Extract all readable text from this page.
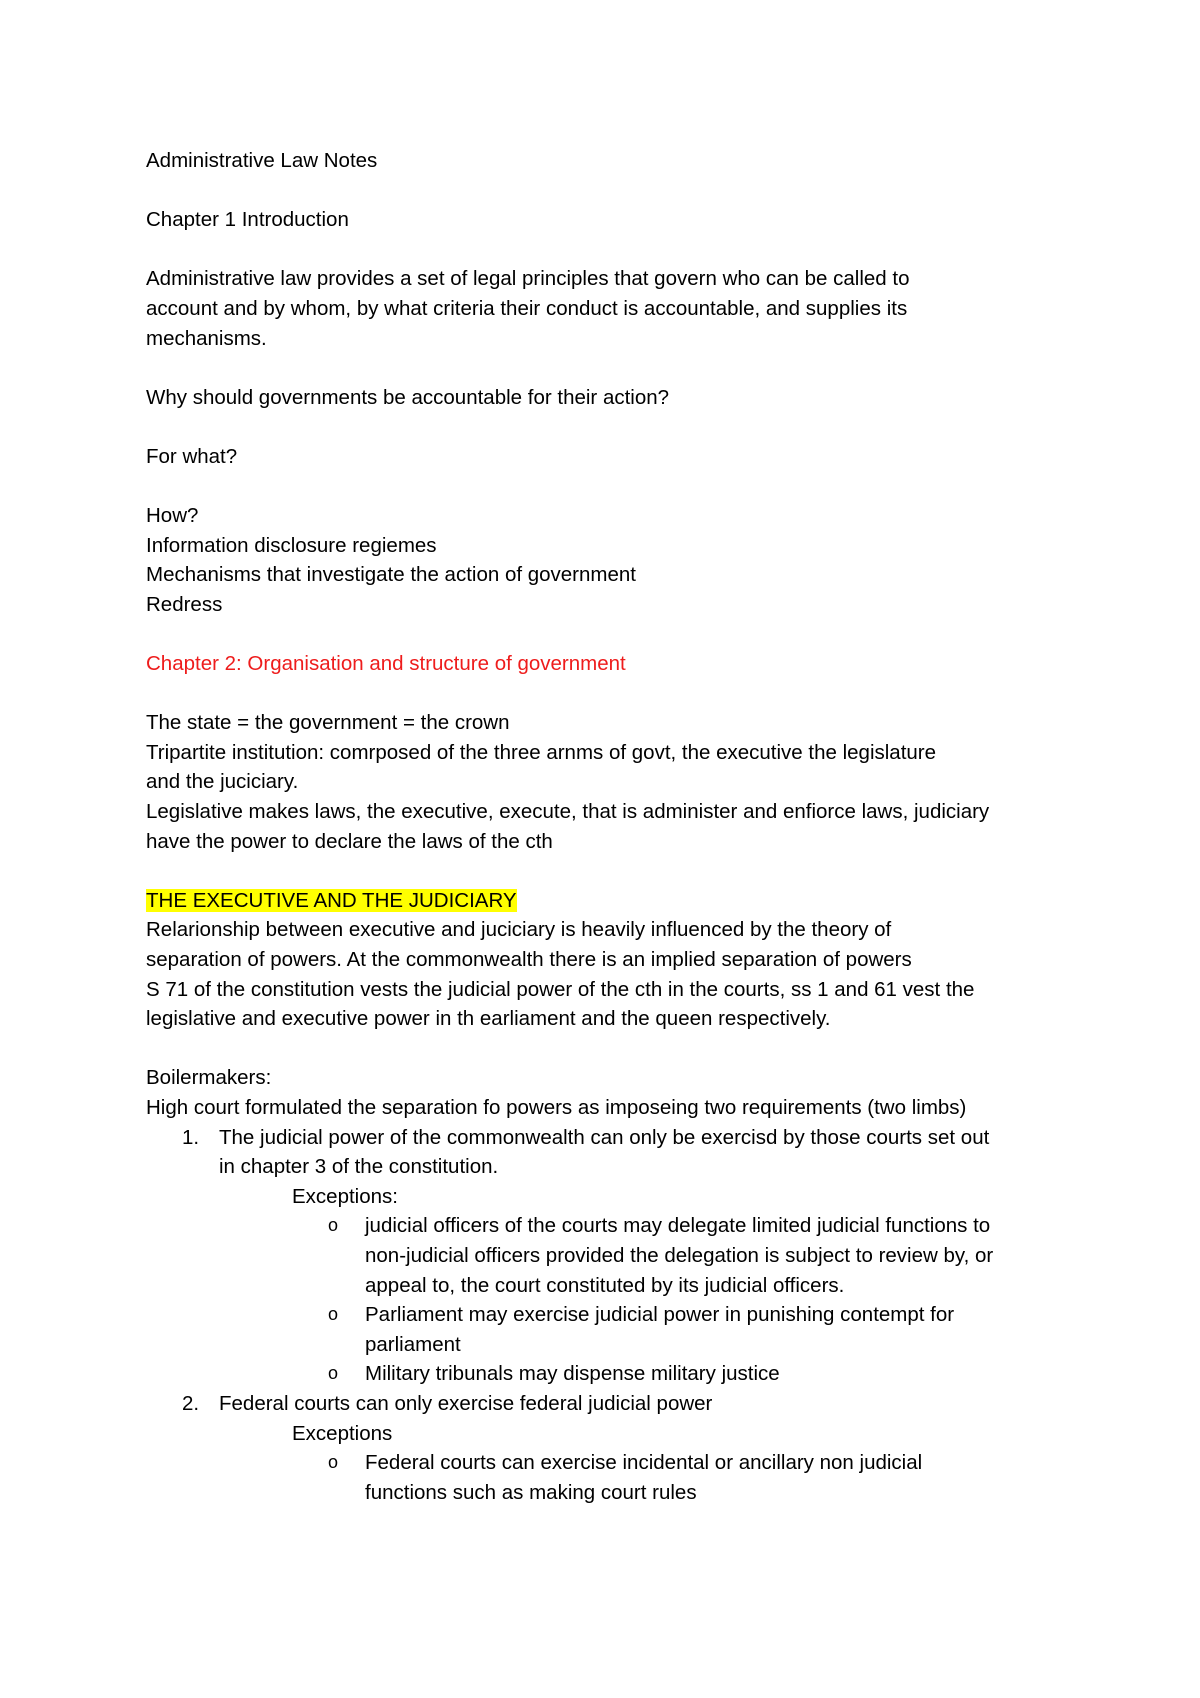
Administrative Law Notes

Chapter 1 Introduction

Administrative law provides a set of legal principles that govern who can be called to

account and by whom, by what criteria their conduct is accountable, and supplies its

mechanisms.

Why should governments be accountable for their action?

For what?

How?

Information disclosure regiemes

Mechanisms that investigate the action of government

Redress

Chapter 2: Organisation and structure of government

The state = the government = the crown

Tripartite institution: comrposed of the three arnms of govt, the executive the legislature

and the juciciary.

Legislative makes laws, the executive, execute, that is administer and enfiorce laws, judiciary

have the power to declare the laws of the cth

THE EXECUTIVE AND THE JUDICIARY

Relarionship between executive and juciciary is heavily influenced by the theory of

separation of powers. At the commonwealth there is an implied separation of powers

S 71 of the constitution vests the judicial power of the cth in the courts, ss 1 and 61 vest the

legislative and executive power in th earliament and the queen respectively.

Boilermakers:

High court formulated the separation fo powers as imposeing two requirements (two limbs)

1. The judicial power of the commonwealth can only be exercisd by those courts set out

in chapter 3 of the constitution.

Exceptions:

o judicial officers of the courts may delegate limited judicial functions to

non-judicial officers provided the delegation is subject to review by, or

appeal to, the court constituted by its judicial officers.

o Parliament may exercise judicial power in punishing contempt for

parliament

o Military tribunals may dispense military justice

2. Federal courts can only exercise federal judicial power

Exceptions

o Federal courts can exercise incidental or ancillary non judicial

functions such as making court rules
